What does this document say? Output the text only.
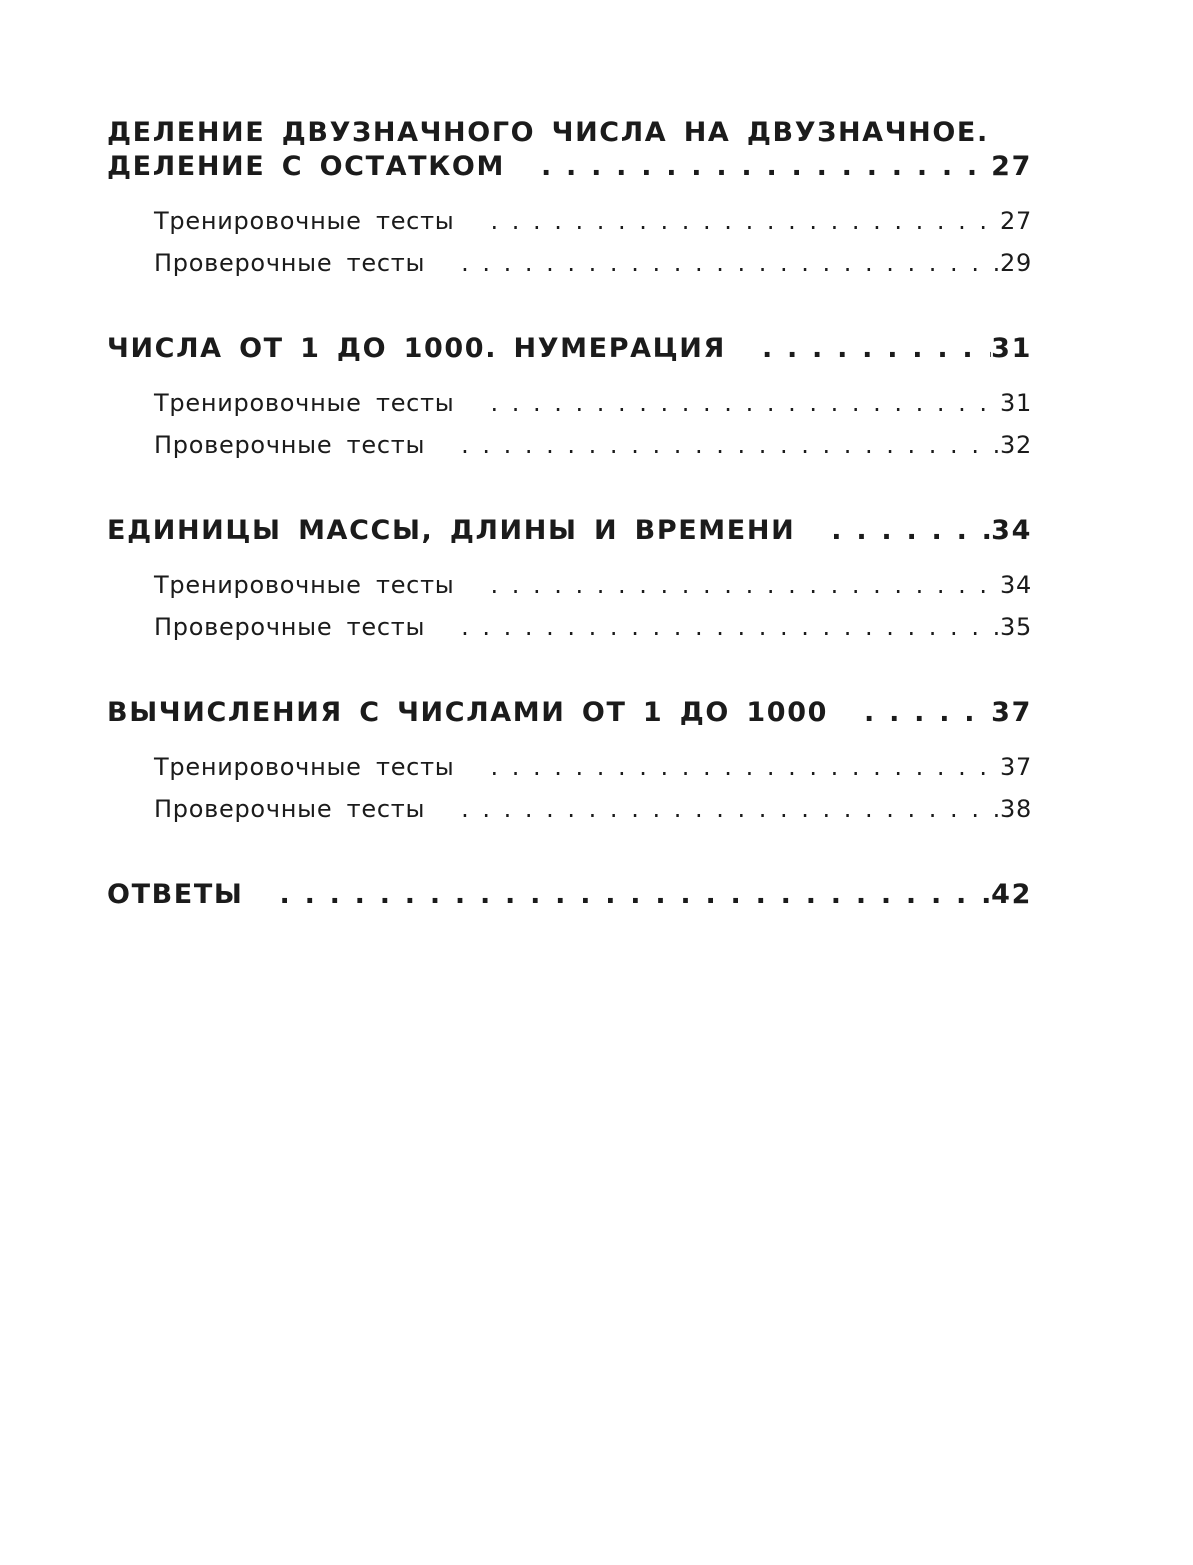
ДЕЛЕНИЕ ДВУЗНАЧНОГО ЧИСЛА НА ДВУЗНАЧНОЕ.

ДЕЛЕНИЕ С ОСТАТКОМ . . .	27
Тренировочные тесты . . .	27
Проверочные тесты . . .	29
ЧИСЛА ОТ 1 ДО 1000. НУМЕРАЦИЯ . . .	31
Тренировочные тесты . . .	31
Проверочные тесты . . .	32
ЕДИНИЦЫ МАССЫ, ДЛИНЫ И ВРЕМЕНИ . . .	34
Тренировочные тесты . . .	34
Проверочные тесты . . .	35
ВЫЧИСЛЕНИЯ С ЧИСЛАМИ ОТ 1 ДО 1000 . . .	37
Тренировочные тесты . . .	37
Проверочные тесты . . .	38
ОТВЕТЫ . . .	42
